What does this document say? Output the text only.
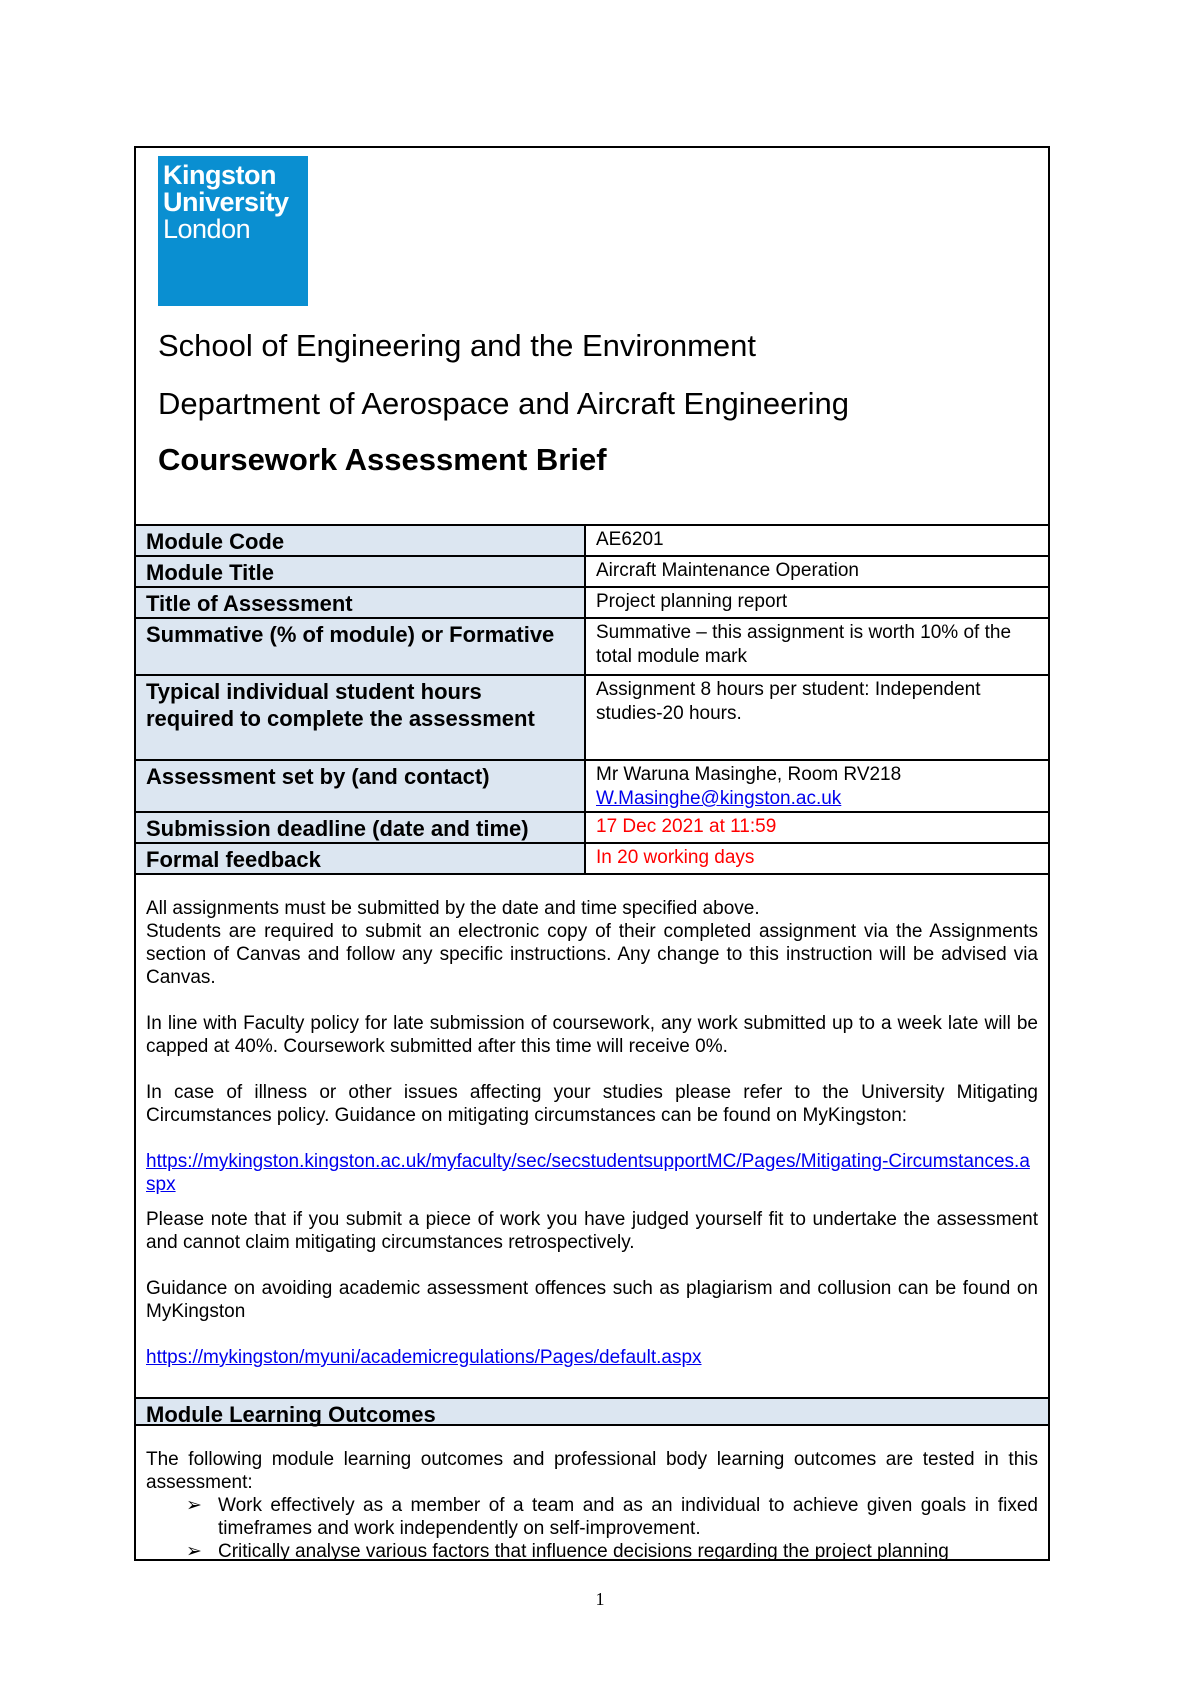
Kingston
University
London
School of Engineering and the Environment
Department of Aerospace and Aircraft Engineering
Coursework Assessment Brief
Module Code	AE6201
Module Title	Aircraft Maintenance Operation
Title of Assessment	Project planning report
Summative (% of module) or Formative	Summative – this assignment is worth 10% of the total module mark
Typical individual student hours required to complete the assessment	Assignment 8 hours per student: Independent studies-20 hours.
Assessment set by (and contact)	Mr Waruna Masinghe, Room RV218
W.Masinghe@kingston.ac.uk

Submission deadline (date and time)	17 Dec 2021 at 11:59
Formal feedback	In 20 working days

All assignments must be submitted by the date and time specified above.

Students are required to submit an electronic copy of their completed assignment via the Assignments section of Canvas and follow any specific instructions. Any change to this instruction will be advised via Canvas.

In line with Faculty policy for late submission of coursework, any work submitted up to a week late will be capped at 40%. Coursework submitted after this time will receive 0%.

In case of illness or other issues affecting your studies please refer to the University Mitigating Circumstances policy. Guidance on mitigating circumstances can be found on MyKingston:

https://mykingston.kingston.ac.uk/myfaculty/sec/secstudentsupportMC/Pages/Mitigating-Circumstances.aspx

Please note that if you submit a piece of work you have judged yourself fit to undertake the assessment and cannot claim mitigating circumstances retrospectively.

Guidance on avoiding academic assessment offences such as plagiarism and collusion can be found on MyKingston

https://mykingston/myuni/academicregulations/Pages/default.aspx

Module Learning Outcomes

The following module learning outcomes and professional body learning outcomes are tested in this assessment:

➢ Work effectively as a member of a team and as an individual to achieve given goals in fixed timeframes and work independently on self-improvement.
➢ Critically analyse various factors that influence decisions regarding the project planning
1
